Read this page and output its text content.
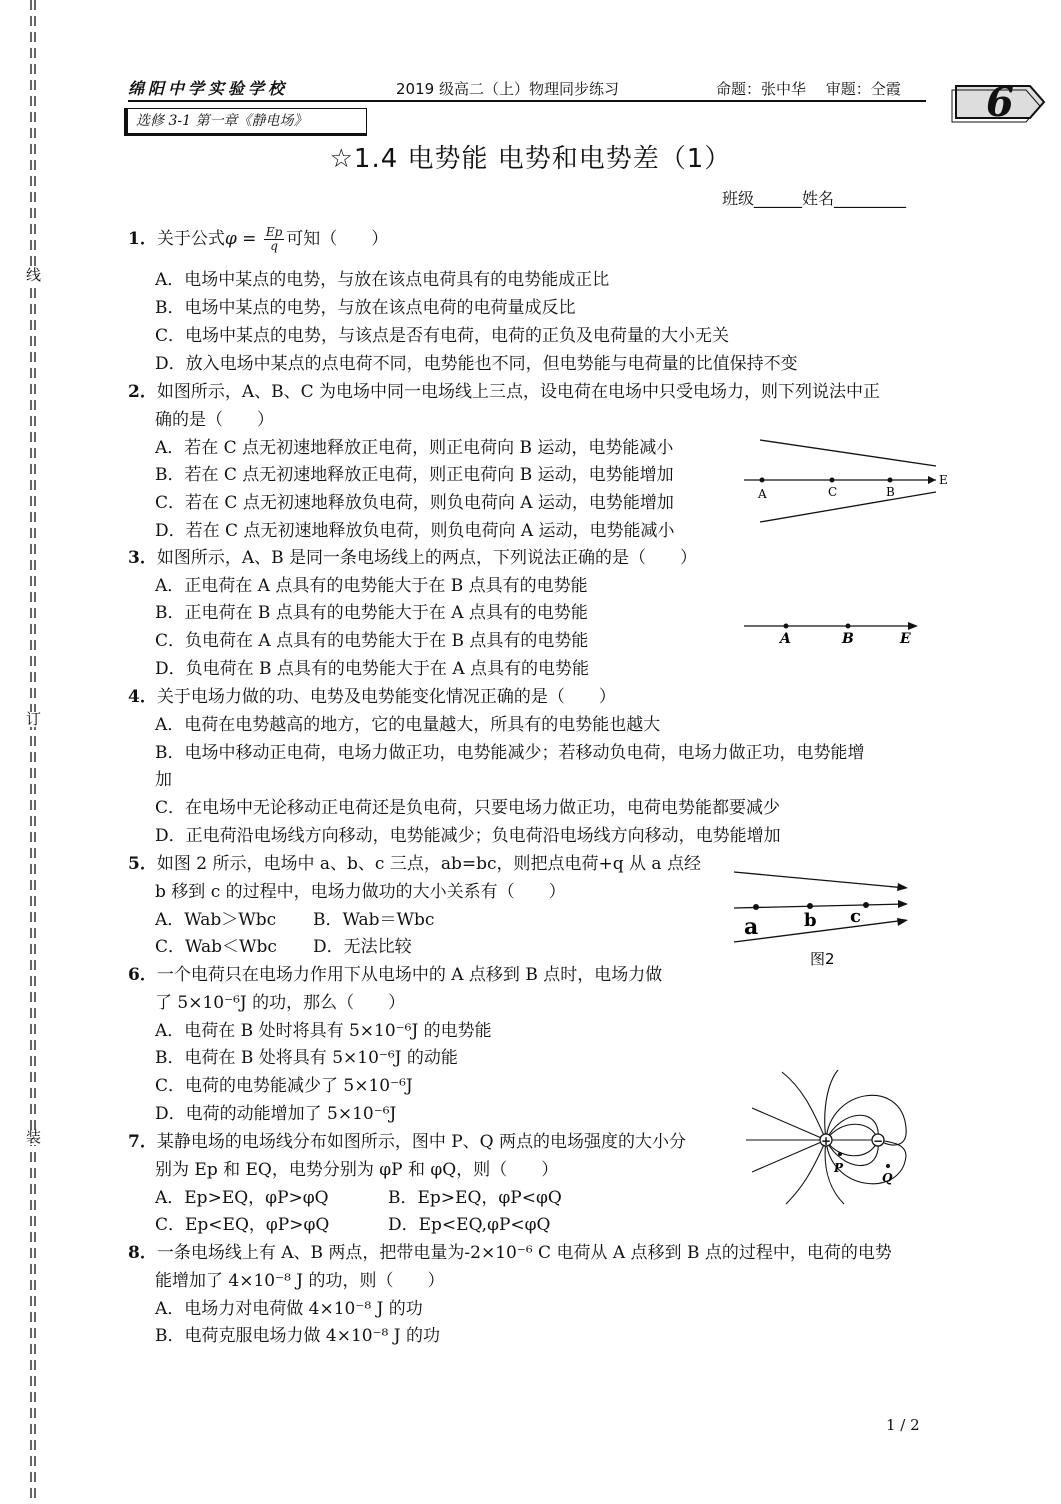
线
订
装
绵阳中学实验学校	2019 级高二（上）物理同步练习	命题：张中华　 审题：仝霞
选修 3-1 第一章《静电场》	6
☆1.4 电势能 电势和电势差（1）
班级______姓名_________
1．关于公式$\varphi = \frac{Ep}{q}$ 可知（　　）
A．电场中某点的电势，与放在该点电荷具有的电势能成正比
B．电场中某点的电势，与放在该点电荷的电荷量成反比
C．电场中某点的电势，与该点是否有电荷，电荷的正负及电荷量的大小无关
D．放入电场中某点的点电荷不同，电势能也不同，但电势能与电荷量的比值保持不变
2．如图所示，A、B、C 为电场中同一电场线上三点，设电荷在电场中只受电场力，则下列说法中正
确的是（　　）
A．若在 C 点无初速地释放正电荷，则正电荷向 B 运动，电势能减小
B．若在 C 点无初速地释放正电荷，则正电荷向 B 运动，电势能增加
C．若在 C 点无初速地释放负电荷，则负电荷向 A 运动，电势能增加
D．若在 C 点无初速地释放负电荷，则负电荷向 A 运动，电势能减小
A	C	B
E
3．如图所示，A、B 是同一条电场线上的两点，下列说法正确的是（　　）
A．正电荷在 A 点具有的电势能大于在 B 点具有的电势能
B．正电荷在 B 点具有的电势能大于在 A 点具有的电势能
C．负电荷在 A 点具有的电势能大于在 B 点具有的电势能
D．负电荷在 B 点具有的电势能大于在 A 点具有的电势能
A	B	E
4．关于电场力做的功、电势及电势能变化情况正确的是（　　）
A．电荷在电势越高的地方，它的电量越大，所具有的电势能也越大
B．电场中移动正电荷，电场力做正功，电势能减少；若移动负电荷，电场力做正功，电势能增
加
C．在电场中无论移动正电荷还是负电荷，只要电场力做正功，电荷电势能都要减少
D．正电荷沿电场线方向移动，电势能减少；负电荷沿电场线方向移动，电势能增加
5．如图 2 所示，电场中 a、b、c 三点，ab=bc，则把点电荷+q 从 a 点经
b 移到 c 的过程中，电场力做功的大小关系有（　　）
A．Wab＞Wbc B．Wab＝Wbc
C．Wab＜Wbc D．无法比较
a	b c
图2
6．一个电荷只在电场力作用下从电场中的 A 点移到 B 点时，电场力做
了 5×10⁻⁶J 的功，那么（　　）
A．电荷在 B 处时将具有 5×10⁻⁶J 的电势能
B．电荷在 B 处将具有 5×10⁻⁶J 的动能
C．电荷的电势能减少了 5×10⁻⁶J
D．电荷的动能增加了 5×10⁻⁶J
+	−
P
Q
7．某静电场的电场线分布如图所示，图中 P、Q 两点的电场强度的大小分
别为 Ep 和 EQ，电势分别为 φP 和 φQ，则（　　）
A．Ep>EQ，φP>φQ	B．Ep>EQ，φP<φQ
C．Ep<EQ，φP>φQ	D．Ep<EQ,φP<φQ
8．一条电场线上有 A、B 两点，把带电量为-2×10⁻⁶ C 电荷从 A 点移到 B 点的过程中，电荷的电势
能增加了 4×10⁻⁸ J 的功，则（　　）
A．电场力对电荷做 4×10⁻⁸ J 的功
B．电荷克服电场力做 4×10⁻⁸ J 的功
1 / 2
